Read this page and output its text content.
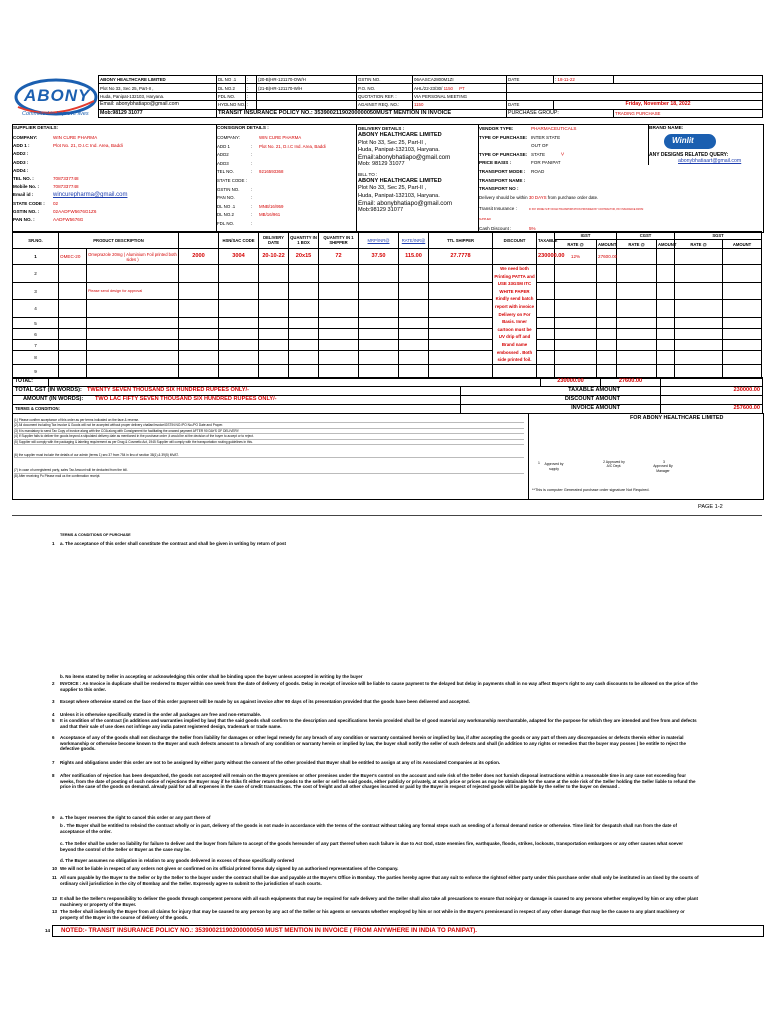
ABONY
Committed to Improve lives
ABONY HEALTHCARE LIMITED	DL NO .1	:	(20-B)HR-121170-OW/H	GSTIN NO.	06AASCA2800M1ZI	DATE	: 18-11-22	
Plot No 33, Sec 25, Part-II ,	DL NO.2	:	(21-B)HR-121170-W/H	P.O. NO.	AHL/22-23/30/ 1150 PT			
Huda, Panipat-132103, Haryana.	FDL NO.	:		QUOTATION REF. :	VIA PERSONAL MEETING			
Email: abonybhatiapo@gmail.com	HYDLNO NO.	:		AGAINST REQ. NO.:	1150	DATE	Friday, November 18, 2022	
Mob:98129 31077	TRANSIT INSURANCE POLICY NO.: 35390021190200000050MUST MENTION IN INVOICE					PURCHASE GROUP:		TRADING PURCHASE
SUPPLIER DETAILS:
COMPANY:	WIN CURE PHARMA
ADD 1 :	Plot No. 21, D.I.C Ind. Area, Baddi
ADD2 :
ADD3 :
ADD4 :
TEL NO. :	7087337748
Mobile No. :	7087337748
Email id :	wincurepharma@gmail.com
STATE CODE : 02
GSTIN NO. :	02AADFW5676G1Z6
PAN NO. :	AADFW5676G
CONSIGNOR DETAILS :
COMPANY:	WIN CURE PHARMA
ADD 1	: Plot No. 21, D.I.C Ind. Area, Baddi
ADD2	:
ADD3	:
TEL NO.	: 9216593368
STATE CODE :
GSTIN NO.	:
PAN NO.	:
DL NO .1	: MNB/16/959
DL NO.2	: MB/16/961
FDL NO.	:
DELIVERY DETAILS :
ABONY HEALTHCARE LIMITED
Plot No 33, Sec 25, Part-II ,
Huda, Panipat-132103, Haryana.
Email:abonybhatiapo@gmail.com
Mob: 98129 31077
BILL TO :
ABONY HEALTHCARE LIMITED
Plot No 33, Sec 25, Part-II ,
Huda, Panipat-132103, Haryana.
Email: abonybhatiapo@gmail.com
Mob:98129 31077
VENDOR TYPE:	PHARMACEUTICALS
TYPE OF PURCHASE: INTER STATE
TYPE OF PURCHASE:OUT OF STATE	V
PRICE BASIS :	FOR PANIPAT
TRANSPORT MODE : ROAD
TRANSPORT NAME :
TRANSPORT NO :
Delivery should be within 30 DAYS from purchase order date.
Transit Insurance :	IF PAY MODE IS BY ROAD TRANSPORTATION PROVIDED BY CONTRACTOR, PAY INSURANCE FROM SUPPLIER
Cash Discount :	5%
BRAND NAME:
Winlit
ANY DESIGNS RELATED QUERY:
abonybhatiaart@gmail.com
SR.NO.	PRODUCT DESCRIPTION			HSN/SAC CODE	DELIVERY DATE	QUANTITY IN 1 BOX	QUANTITY IN 1 SHIPPER	MRP/INR@	RATE/INR@	TTL SHIPPER	DISCOUNT	TAXABLE	IGST		CGST		SGST	
													RATE @	AMOUNT	RATE @	AMOUNT	RATE @	AMOUNT
1	OMEC-20	Omeprazole 20mg ( Aluminium Foil printed both sides )	2000	3004	20-10-22	20x15	72	37.50	115.00	27.7778		230000.00	12%	27600.00				
2											We need both Printing PATTA and USE 33GSM ITC WHITE PAPER Kindly send batch report with invoice Delivery on For Basis. Inner cartoon must be UV drip off and Brand name embossed . Both side printed foil.							
3		Please send design for approval																
4																		
5																		
6																		
7																		
8																		
9																		
TOTAL:			230000.00	27600.00	
TOTAL GST (IN WORDS): TWENTY SEVEN THOUSAND SIX HUNDRED RUPEES ONLY/-		TAXABLE AMOUNT			230000.00
AMOUNT (IN WORDS): TWO LAC FIFTY SEVEN THOUSAND SIX HUNDRED RUPEES ONLY/-		DISCOUNT AMOUNT			
TERMS & CONDITION:		INVOICE AMOUNT			257600.00
FOR ABONY HEALTHCARE LIMITED
(1) Please confirm acceptance of this order as per terms indicated on the face & reverse.
(2) All document including Tax invoice & Goods will not be accepted without proper delivery challan/invoice/GSTIN NO./PO No./PO Date and Proper.
(3) It is mandatory to send Tax Copy of invoice along with the COA along with Consignment for facilitating the onward payment AFTER 90 DAYS OF DELIVERY.
(4) If Supplier fails to deliver the goods beyond a stipulated delivery date as mentioned in the purchase order ,it would be at the decision of the buyer to accept or to reject.
(5) Supplier will comply with the packaging & labeling requirement as per Drug & Cosmetic Act, 1945 Supplier will comply with the transportation routing guidelines in this.
(6) the supplier must include the details of our admin (terms 1) sec 37 from 754 in lieu of section 38(1) & 39(5) MVAT.
(7) In case of unregistered party, sales Tax Amount will be deducted from the bill.
(8) After receiving Po Please mail us the confirmation receipt.
1 Approved by supply
2 Approved by
A/C Dept.
3
Approved By Manager
**This is computer Generated purchase order signature Not Required.
PAGE 1-2
TERMS & CONDITIONS OF PURCHASE
1 a. The acceptance of this order shall constitute the contract and shall be given in writing by return of post
b. No items stated by Seller in accepting or acknowledging this order shall be binding upon the buyer unless accepted in writing by the buyer
2 INVOICE : An Invoice in duplicate shall be rendered to Buyer within one week from the date of delivery of goods. Delay in receipt of invoice will be liable to cause payment to the delayed but delay in payments shall in no way affect Buyer's right to any cash discounts to be allowed on the price of the supplier to this order.
3 Except where otherwise stated on the face of this order payment will be made by us against invoice after 90 days of its presentation provided that the goods have been delivered and accepted.
4 Unless it is otherwise specifically stated in the order all packages are free and non-returnable.
5 It is condition of the contract (in additions and warranties implied by law) that the said goods shall confirm to the description and specifications herein provided shall be of good material any workmanship merchantable, adapted for the purpose for which they are intended and free from and defects and that their sale of use does not infringe any india patent registered design, trademark or trade name.
6 Acceptance of any of the goods shall not discharge the Seller from liability for damages or other legal remedy for any breach of any condition or warranty contained herein or implied by law, if after accepting the goods or any part of them any discrepancies or defects therein either in material workmanship or otherwise become known to the Buyer and such defects amount to a breach of any condition or warranty herein or implied by law, the buyer shall notify the seller of such defects and shall (in addition to any rights or remedies that the buyer may posses ) be entitle to reject the defective goods.
7 Rights and obligations under this order are not to be assigned by either party without the consent of the other provided that Buyer shall be entitled to assign at any of its Associated Companies at its option.
8 After notification of rejection has been despatched, the goods not accepted will remain on the Buyers premises or other premises under the Buyer's control on the account and sole risk of the Seller does not furnish disposal instructions within a reasonable time in any case not exceeding four weeks, from the date of posting of such notice of rejections the Buyer may if he thiks fit either return the goods to the seller or sell the said goods, either publicly or privately, at such price or prices as may be obtainable for the same at the sole risk of the Seller holding the Seller liable to refund the price in the case of the goods on demand. already paid for ad all expenses in the case of credit transactions. The cost of freight and all other charges incurred or paid by the Buyer in respect of rejected goods will be payable by the seller to the buyer on demand .
9 a. The buyer reserves the right to cancel this order or any part there of
b . The Buyer shall be entitled to rebsind the contract wholly or in part, delivery of the goods is not made in accordance with the terms of the contract without taking any formal steps such as sending of a formal demand notice or otherwise. Time limit for despatch shall run from the date of acceptance of the order.
c. The Seller shall be under no liability for failure to deliver and the buyer from failure to accept of the goods hereunder of any part thereof when such failure is due to Act God, state enemies fire, earthquake, floods, strikes, lockouts, transportation embargoes or any other causes what soever beyond the control of the Seller or Buyer as the case may be.
d. The Buyer assumes no obligation in relation to any goods delivered in excess of those specifically ordered
10 We will not be liable in respect of any orders not given or confirmed on its official printed forms duly signed by an authorised representatives of the Company.
11 All sum payable by the Buyer to the Seller or by the Seller to the buyer under the contract shall be due and payable at the Buyer's Office in Bombay. The parties hereby agree that any suit to enforce the rightsof either party under this purchase order shall only be instituted in an tined by the courts of ordinary civil jurisdiction in the city of Bombay and the Seller. Expressly agree to submit to the jurisdiction of such courts.
12 It shall be the Seller's responsibility to deliver the goods through competent persons with all such equipments that may be required for safe delivery and the Seller shall also take all precautions to ensure that noinjury or damage is caused to any persons whether employed by him or any other plant machinery or property of the Buyer.
13 The Seller shall indemnify the Buyer from all claims for injury that may be caused to any person by any act of the Seller or his agents or servants whether employed by him or not while in the Buyer's premisesand in respect of any other damage that may be the cause to any plant machinery or property of the Buyer in the course of delivery of the goods.
14 NOTED:- TRANSIT INSURANCE POLICY NO.: 35390021190200000050 MUST MENTION IN INVOICE ( FROM ANYWHERE IN INDIA TO PANIPAT).
